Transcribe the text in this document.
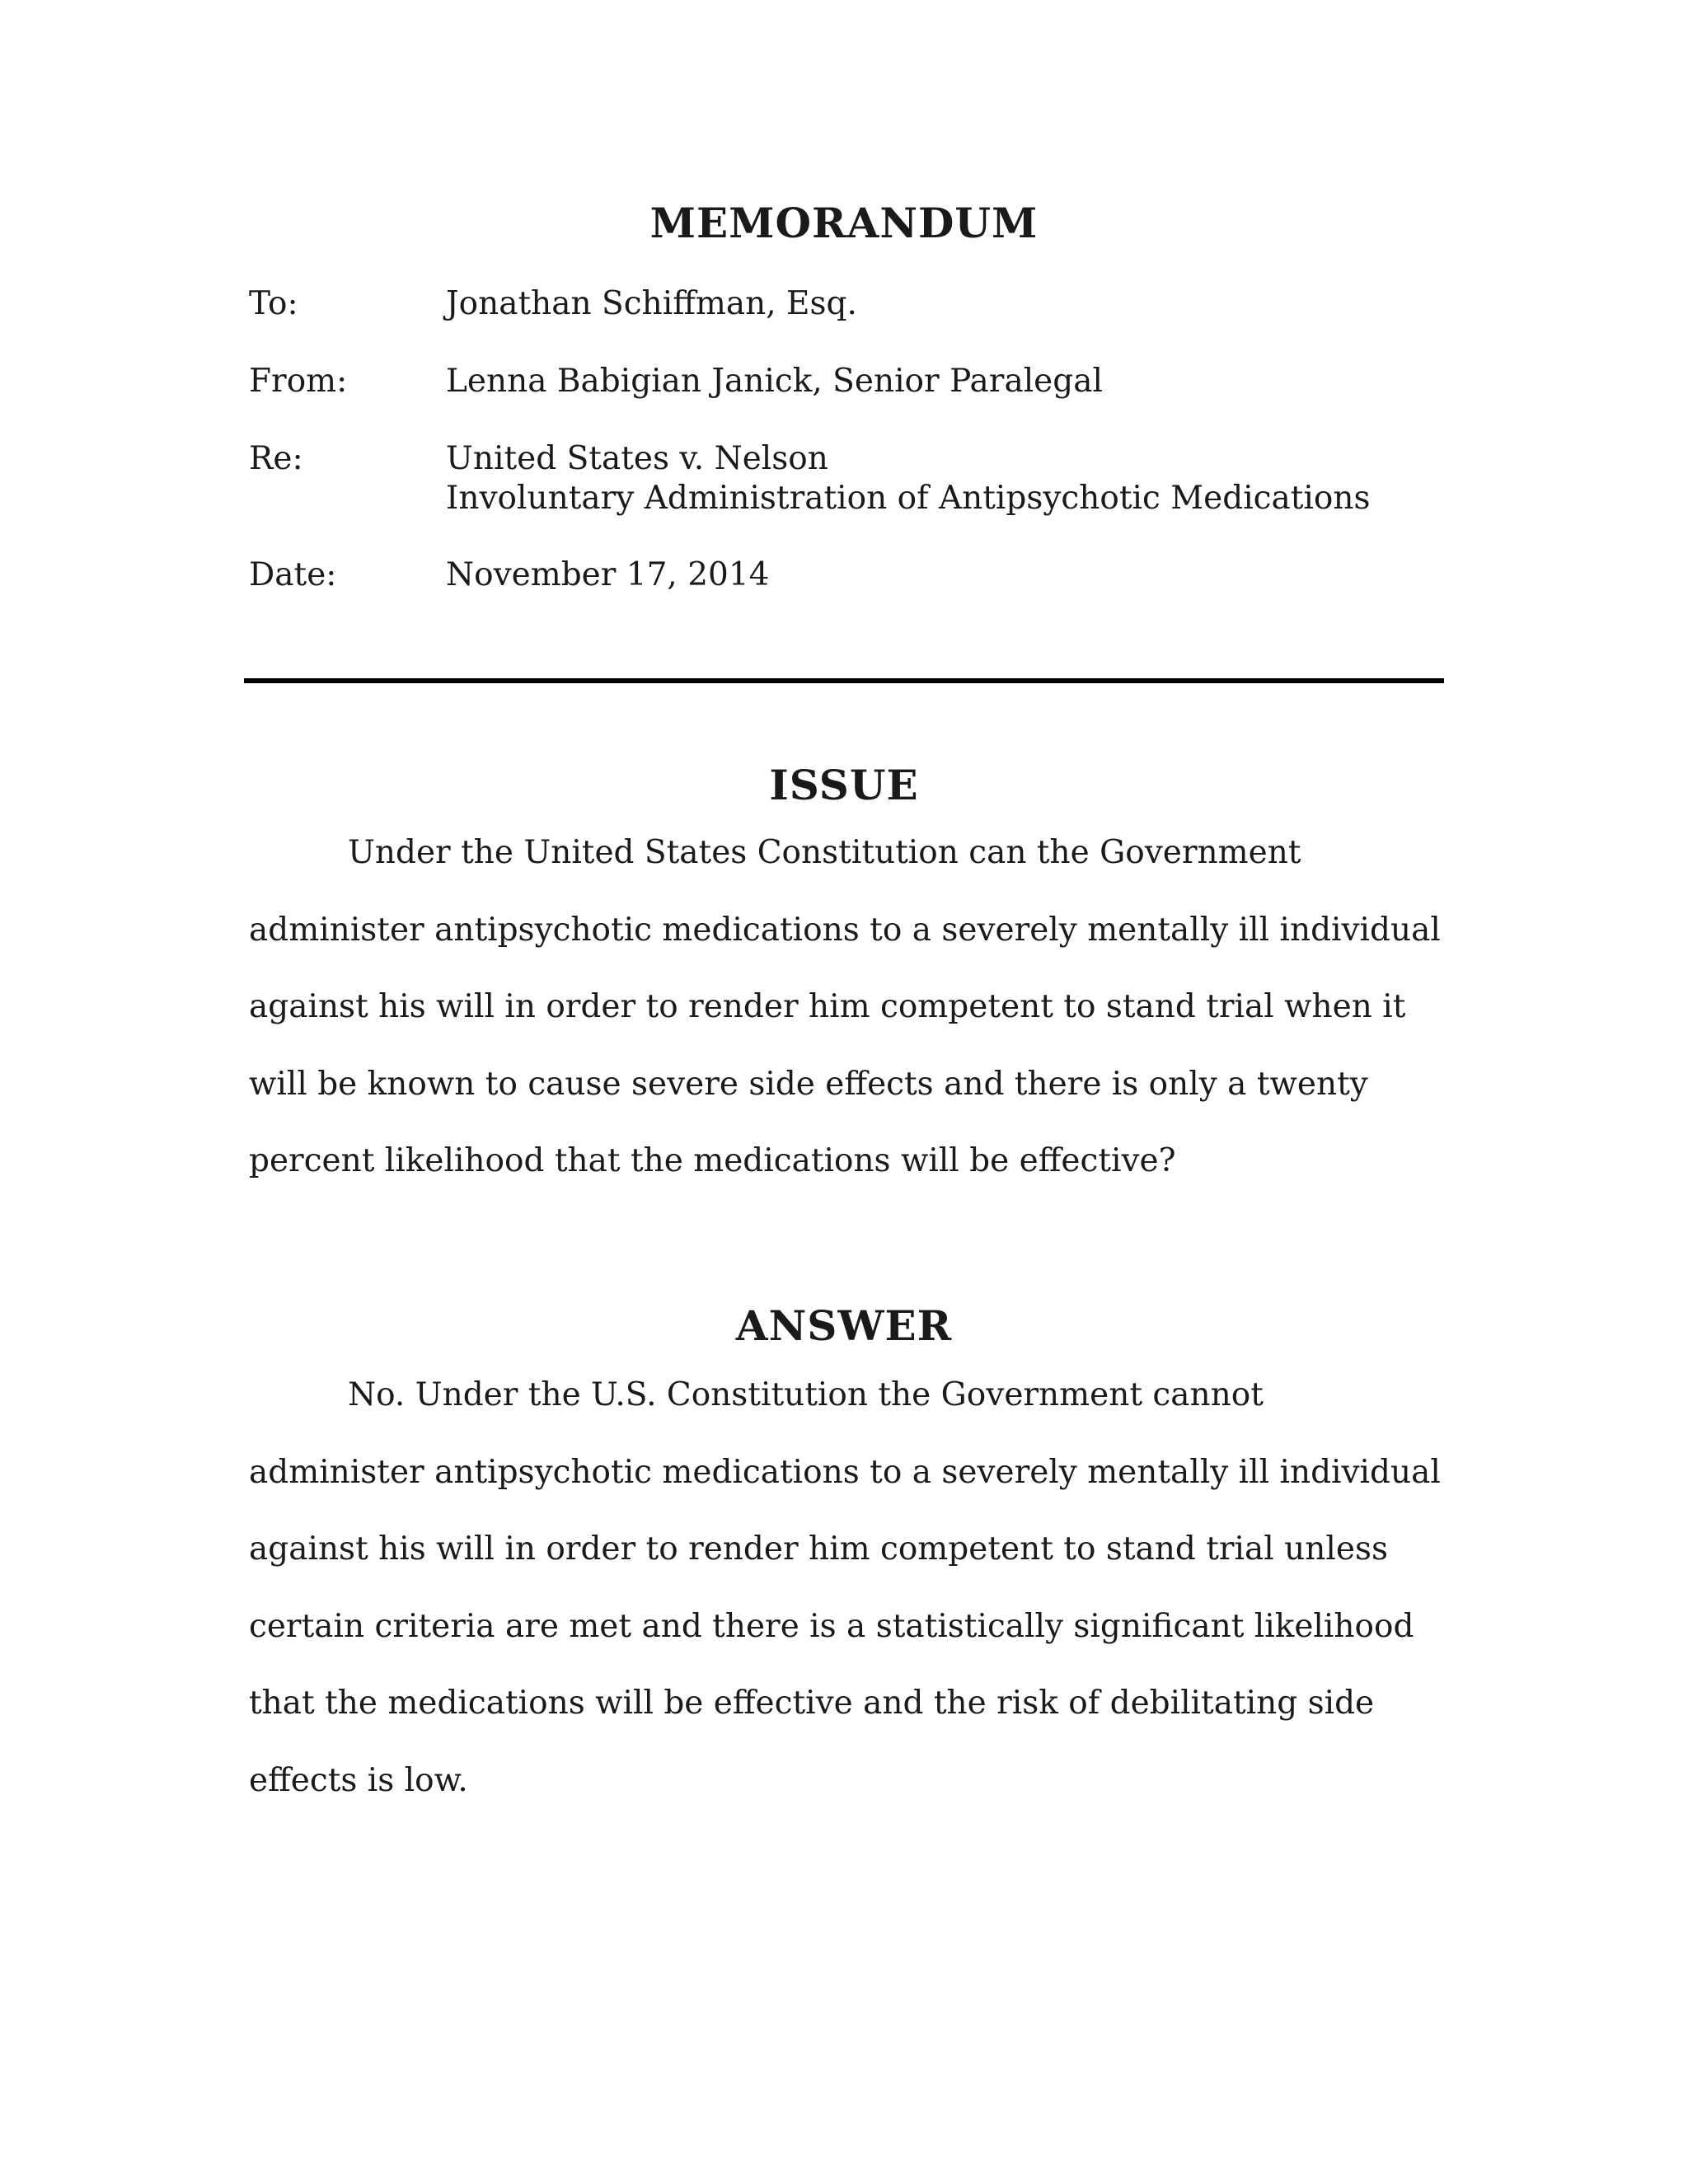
MEMORANDUM
To:	Jonathan Schiffman, Esq.
From:	Lenna Babigian Janick, Senior Paralegal
Re:	United States v. Nelson
Involuntary Administration of Antipsychotic Medications
Date:	November 17, 2014
ISSUE
Under the United States Constitution can the Government
administer antipsychotic medications to a severely mentally ill individual
against his will in order to render him competent to stand trial when it
will be known to cause severe side effects and there is only a twenty
percent likelihood that the medications will be effective?
ANSWER
No. Under the U.S. Constitution the Government cannot
administer antipsychotic medications to a severely mentally ill individual
against his will in order to render him competent to stand trial unless
certain criteria are met and there is a statistically significant likelihood
that the medications will be effective and the risk of debilitating side
effects is low.
